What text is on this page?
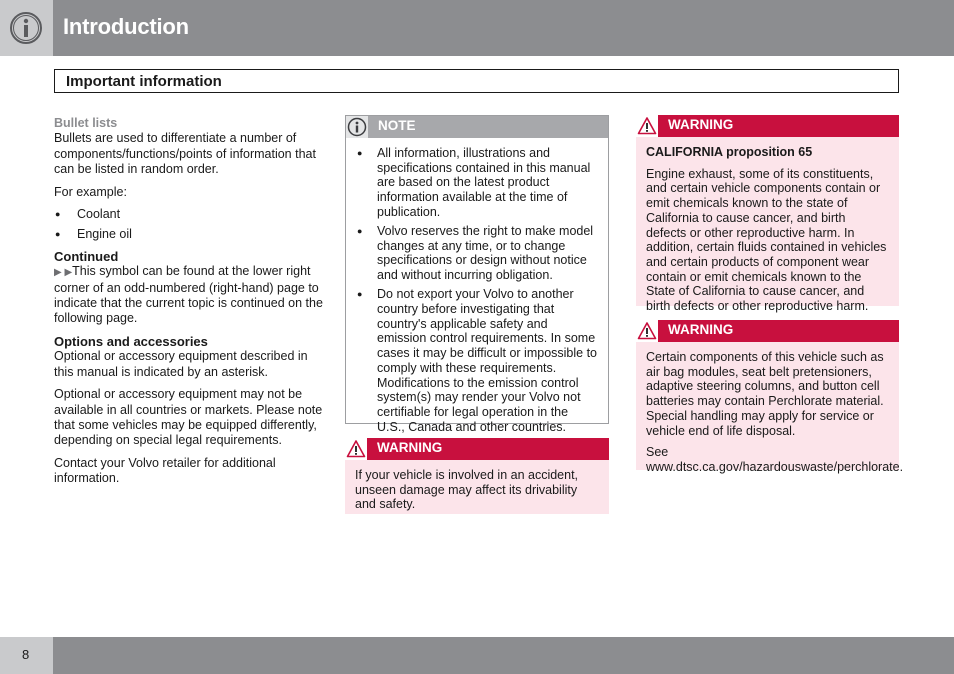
Introduction
Important information
Bullet lists

Bullets are used to differentiate a number of components/functions/points of information that can be listed in random order.

For example:

● Coolant
● Engine oil
Continued

▶ ▶This symbol can be found at the lower right corner of an odd-numbered (right-hand) page to indicate that the current topic is continued on the following page.

Options and accessories

Optional or accessory equipment described in this manual is indicated by an asterisk.

Optional or accessory equipment may not be available in all countries or markets. Please note that some vehicles may be equipped differently, depending on special legal requirements.

Contact your Volvo retailer for additional information.

NOTE
● All information, illustrations and specifications contained in this manual are based on the latest product information available at the time of publication.
● Volvo reserves the right to make model changes at any time, or to change specifications or design without notice and without incurring obligation.
● Do not export your Volvo to another country before investigating that country's applicable safety and emission control requirements. In some cases it may be difficult or impossible to comply with these requirements. Modifications to the emission control system(s) may render your Volvo not certifiable for legal operation in the U.S., Canada and other countries.
WARNING

If your vehicle is involved in an accident, unseen damage may affect its drivability and safety.

WARNING

CALIFORNIA proposition 65

Engine exhaust, some of its constituents, and certain vehicle components contain or emit chemicals known to the state of California to cause cancer, and birth defects or other reproductive harm. In addition, certain fluids contained in vehicles and certain products of component wear contain or emit chemicals known to the State of California to cause cancer, and birth defects or other reproductive harm.

WARNING

Certain components of this vehicle such as air bag modules, seat belt pretensioners, adaptive steering columns, and button cell batteries may contain Perchlorate material. Special handling may apply for service or vehicle end of life disposal.

See www.dtsc.ca.gov/hazardouswaste/perchlorate.

8
